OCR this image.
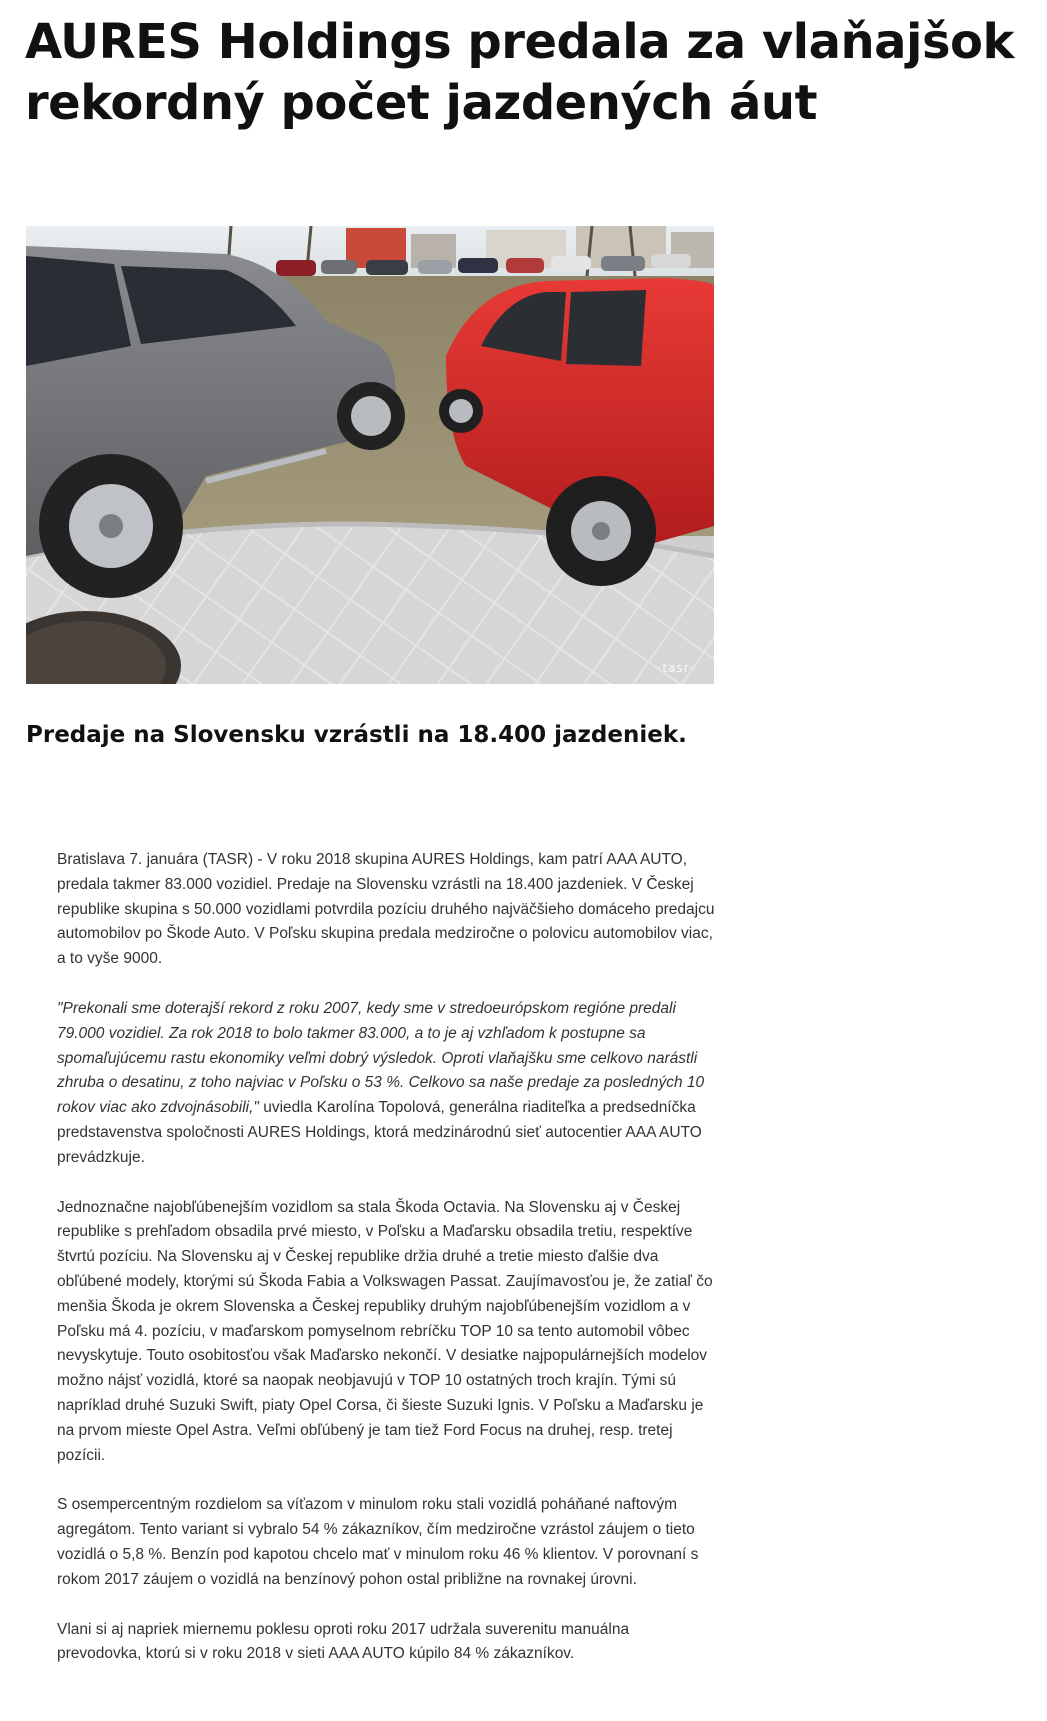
AURES Holdings predala za vlaňajšok rekordný počet jazdených áut
·tasr·
Predaje na Slovensku vzrástli na 18.400 jazdeniek.

Bratislava 7. januára (TASR) - V roku 2018 skupina AURES Holdings, kam patrí AAA AUTO, predala takmer 83.000 vozidiel. Predaje na Slovensku vzrástli na 18.400 jazdeniek. V Českej republike skupina s 50.000 vozidlami potvrdila pozíciu druhého najväčšieho domáceho predajcu automobilov po Škode Auto. V Poľsku skupina predala medziročne o polovicu automobilov viac, a to vyše 9000.

"Prekonali sme doterajší rekord z roku 2007, kedy sme v stredoeurópskom regióne predali 79.000 vozidiel. Za rok 2018 to bolo takmer 83.000, a to je aj vzhľadom k postupne sa spomaľujúcemu rastu ekonomiky veľmi dobrý výsledok. Oproti vlaňajšku sme celkovo narástli zhruba o desatinu, z toho najviac v Poľsku o 53 %. Celkovo sa naše predaje za posledných 10 rokov viac ako zdvojnásobili," uviedla Karolína Topolová, generálna riaditeľka a predsedníčka predstavenstva spoločnosti AURES Holdings, ktorá medzinárodnú sieť autocentier AAA AUTO prevádzkuje.

Jednoznačne najobľúbenejším vozidlom sa stala Škoda Octavia. Na Slovensku aj v Českej republike s prehľadom obsadila prvé miesto, v Poľsku a Maďarsku obsadila tretiu, respektíve štvrtú pozíciu. Na Slovensku aj v Českej republike držia druhé a tretie miesto ďalšie dva obľúbené modely, ktorými sú Škoda Fabia a Volkswagen Passat. Zaujímavosťou je, že zatiaľ čo menšia Škoda je okrem Slovenska a Českej republiky druhým najobľúbenejším vozidlom a v Poľsku má 4. pozíciu, v maďarskom pomyselnom rebríčku TOP 10 sa tento automobil vôbec nevyskytuje. Touto osobitosťou však Maďarsko nekončí. V desiatke najpopulárnejších modelov možno nájsť vozidlá, ktoré sa naopak neobjavujú v TOP 10 ostatných troch krajín. Tými sú napríklad druhé Suzuki Swift, piaty Opel Corsa, či šieste Suzuki Ignis. V Poľsku a Maďarsku je na prvom mieste Opel Astra. Veľmi obľúbený je tam tiež Ford Focus na druhej, resp. tretej pozícii.

S osempercentným rozdielom sa víťazom v minulom roku stali vozidlá poháňané naftovým agregátom. Tento variant si vybralo 54 % zákazníkov, čím medziročne vzrástol záujem o tieto vozidlá o 5,8 %. Benzín pod kapotou chcelo mať v minulom roku 46 % klientov. V porovnaní s rokom 2017 záujem o vozidlá na benzínový pohon ostal približne na rovnakej úrovni.

Vlani si aj napriek miernemu poklesu oproti roku 2017 udržala suverenitu manuálna prevodovka, ktorú si v roku 2018 v sieti AAA AUTO kúpilo 84 % zákazníkov.
